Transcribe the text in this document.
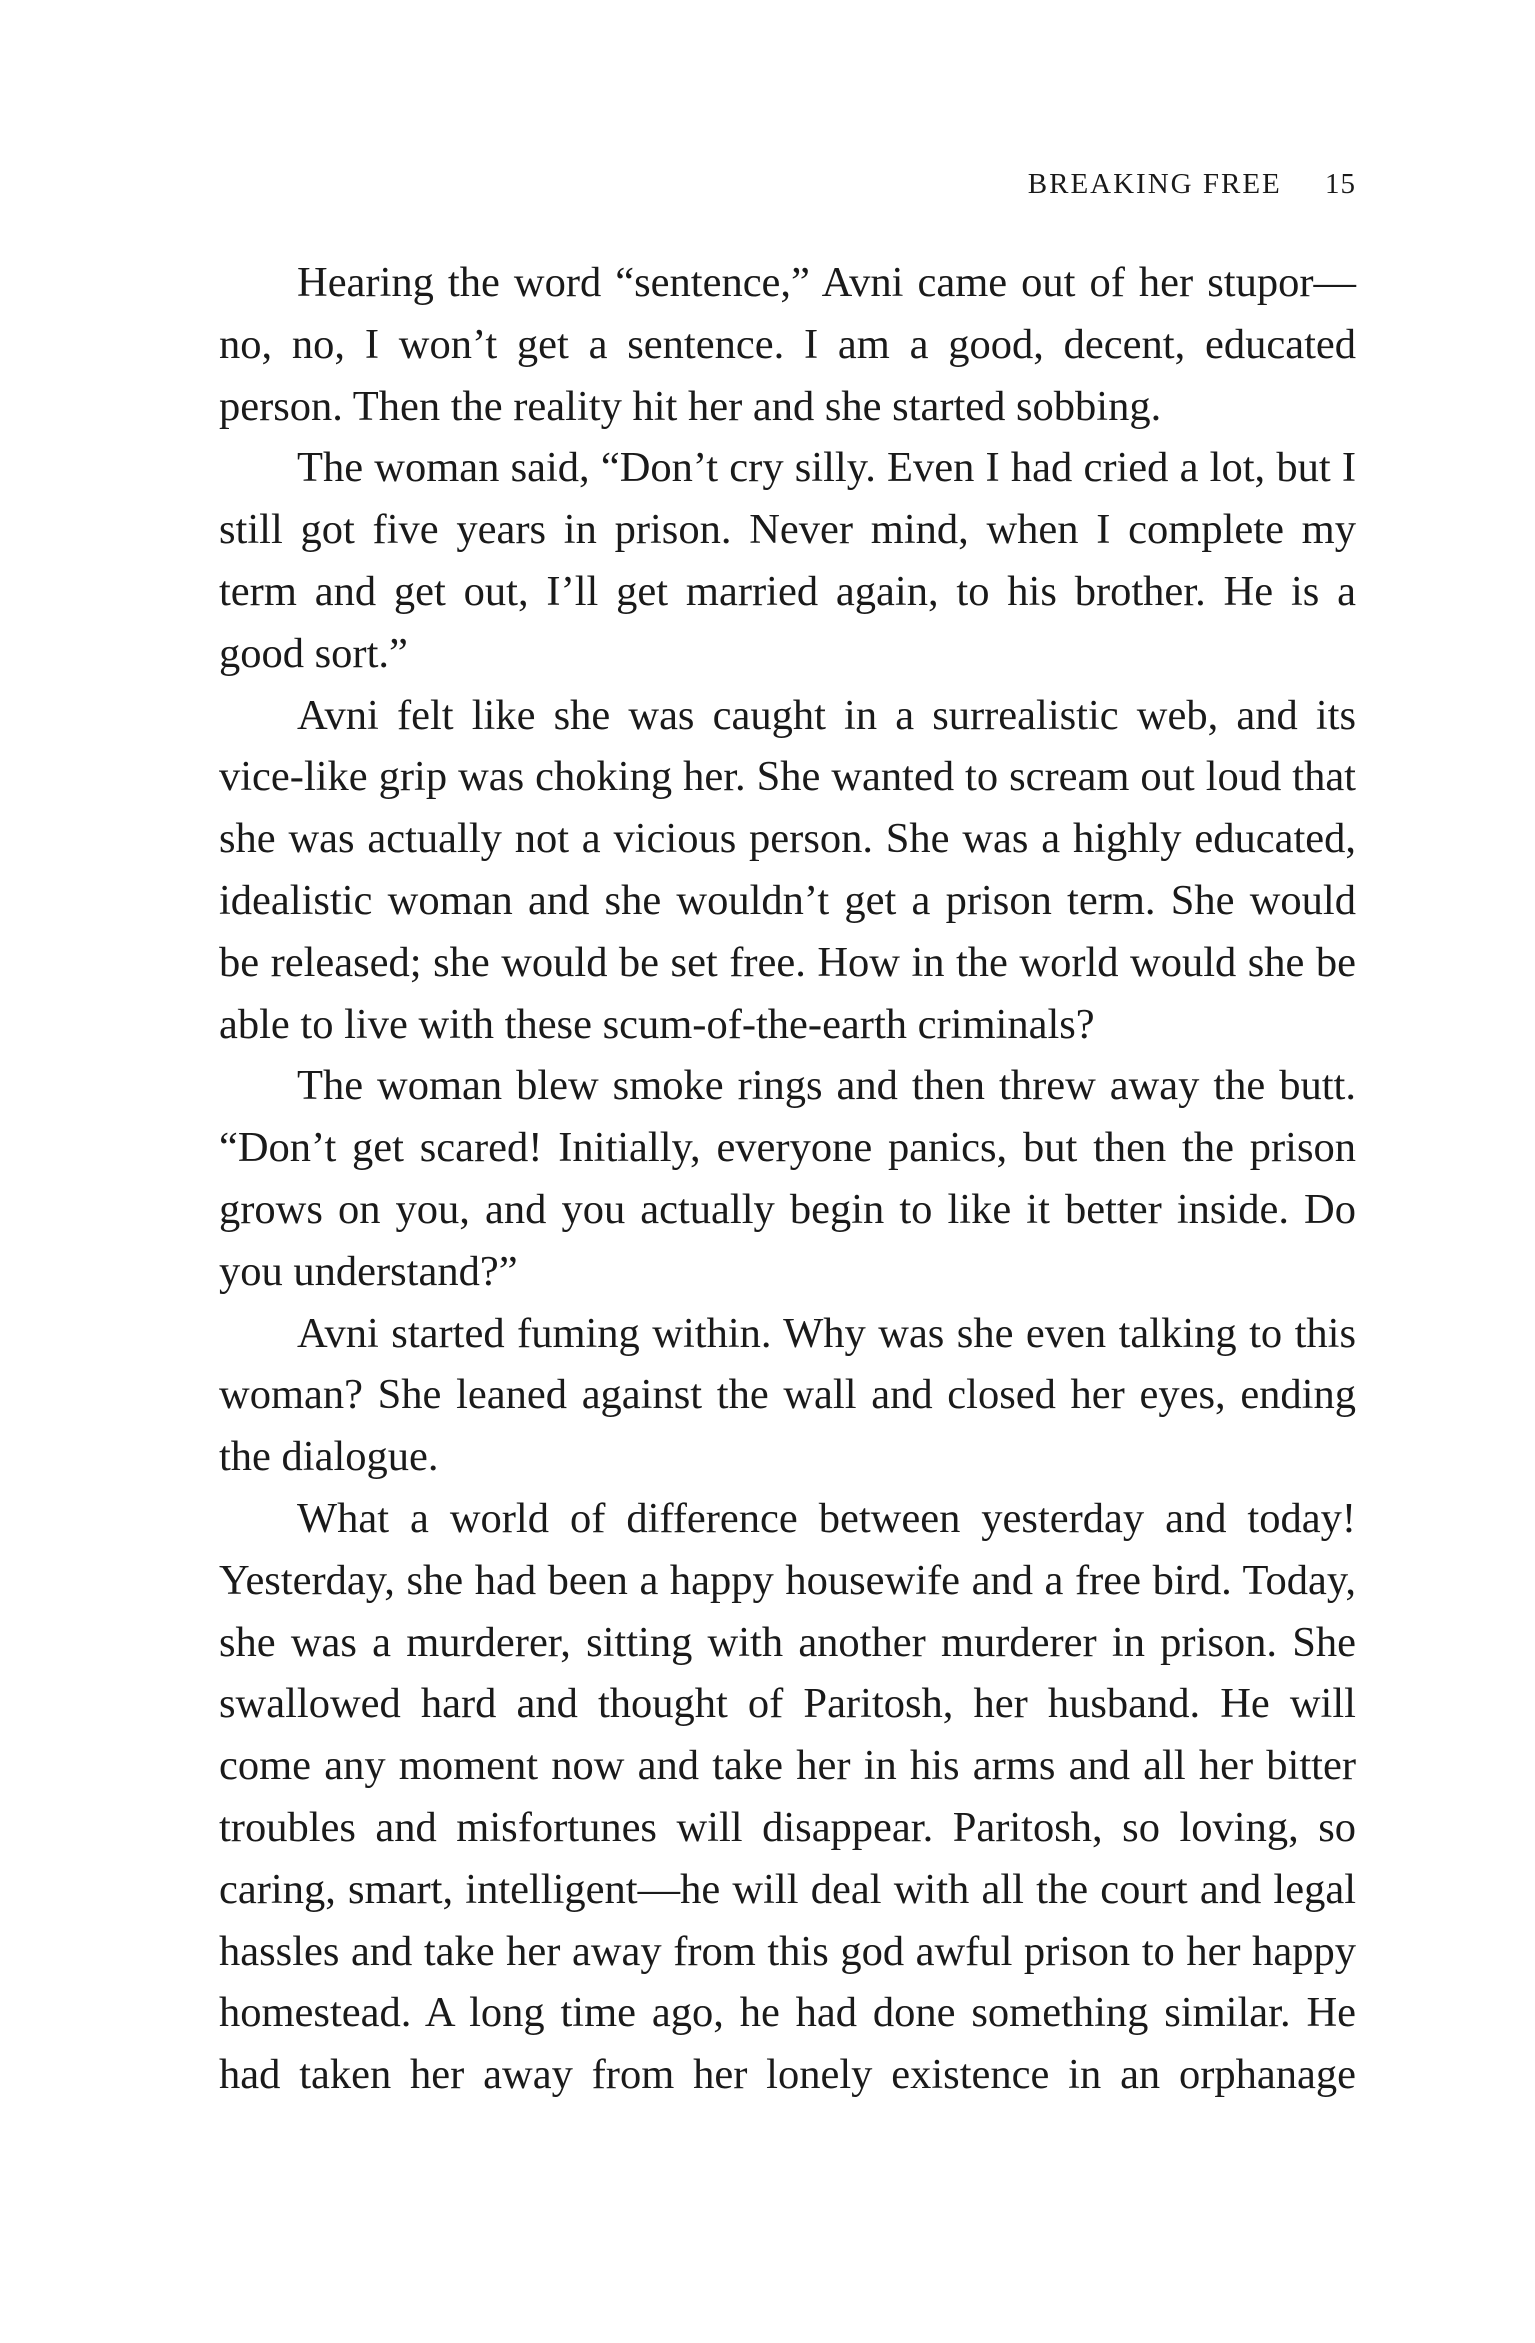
BREAKING FREE 15

Hearing the word “sentence,” Avni came out of her stupor—no, no, I won’t get a sentence. I am a good, decent, educated person. Then the reality hit her and she started sobbing.

The woman said, “Don’t cry silly. Even I had cried a lot, but I still got five years in prison. Never mind, when I complete my term and get out, I’ll get married again, to his brother. He is a good sort.”

Avni felt like she was caught in a surrealistic web, and its vice-like grip was choking her. She wanted to scream out loud that she was actually not a vicious person. She was a highly educated, idealistic woman and she wouldn’t get a prison term. She would be released; she would be set free. How in the world would she be able to live with these scum-of-the-earth criminals?

The woman blew smoke rings and then threw away the butt. “Don’t get scared! Initially, everyone panics, but then the prison grows on you, and you actually begin to like it better inside. Do you understand?”

Avni started fuming within. Why was she even talking to this woman? She leaned against the wall and closed her eyes, ending the dialogue.

What a world of difference between yesterday and today! Yesterday, she had been a happy housewife and a free bird. Today, she was a murderer, sitting with another murderer in prison. She swallowed hard and thought of Paritosh, her husband. He will come any moment now and take her in his arms and all her bitter troubles and misfortunes will disappear. Paritosh, so loving, so caring, smart, intelligent—he will deal with all the court and legal hassles and take her away from this god awful prison to her happy homestead. A long time ago, he had done something similar. He had taken her away from her lonely existence in an orphanage
